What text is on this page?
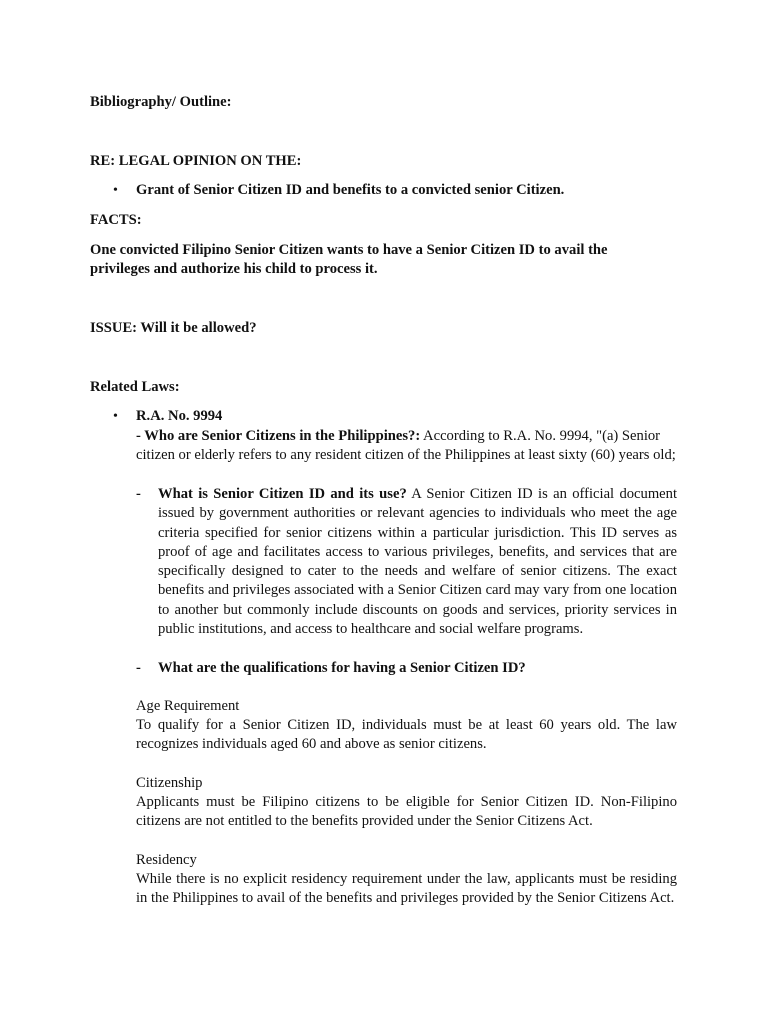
Bibliography/ Outline:

RE: LEGAL OPINION ON THE:

• Grant of Senior Citizen ID and benefits to a convicted senior Citizen.

FACTS:

One convicted Filipino Senior Citizen wants to have a Senior Citizen ID to avail the privileges and authorize his child to process it.

ISSUE: Will it be allowed?

Related Laws:

• R.A. No. 9994

- Who are Senior Citizens in the Philippines?: According to R.A. No. 9994, "(a) Senior citizen or elderly refers to any resident citizen of the Philippines at least sixty (60) years old;

- What is Senior Citizen ID and its use? A Senior Citizen ID is an official document issued by government authorities or relevant agencies to individuals who meet the age criteria specified for senior citizens within a particular jurisdiction. This ID serves as proof of age and facilitates access to various privileges, benefits, and services that are specifically designed to cater to the needs and welfare of senior citizens. The exact benefits and privileges associated with a Senior Citizen card may vary from one location to another but commonly include discounts on goods and services, priority services in public institutions, and access to healthcare and social welfare programs.

- What are the qualifications for having a Senior Citizen ID?

Age Requirement

To qualify for a Senior Citizen ID, individuals must be at least 60 years old. The law recognizes individuals aged 60 and above as senior citizens.

Citizenship

Applicants must be Filipino citizens to be eligible for Senior Citizen ID. Non-Filipino citizens are not entitled to the benefits provided under the Senior Citizens Act.

Residency

While there is no explicit residency requirement under the law, applicants must be residing in the Philippines to avail of the benefits and privileges provided by the Senior Citizens Act.
